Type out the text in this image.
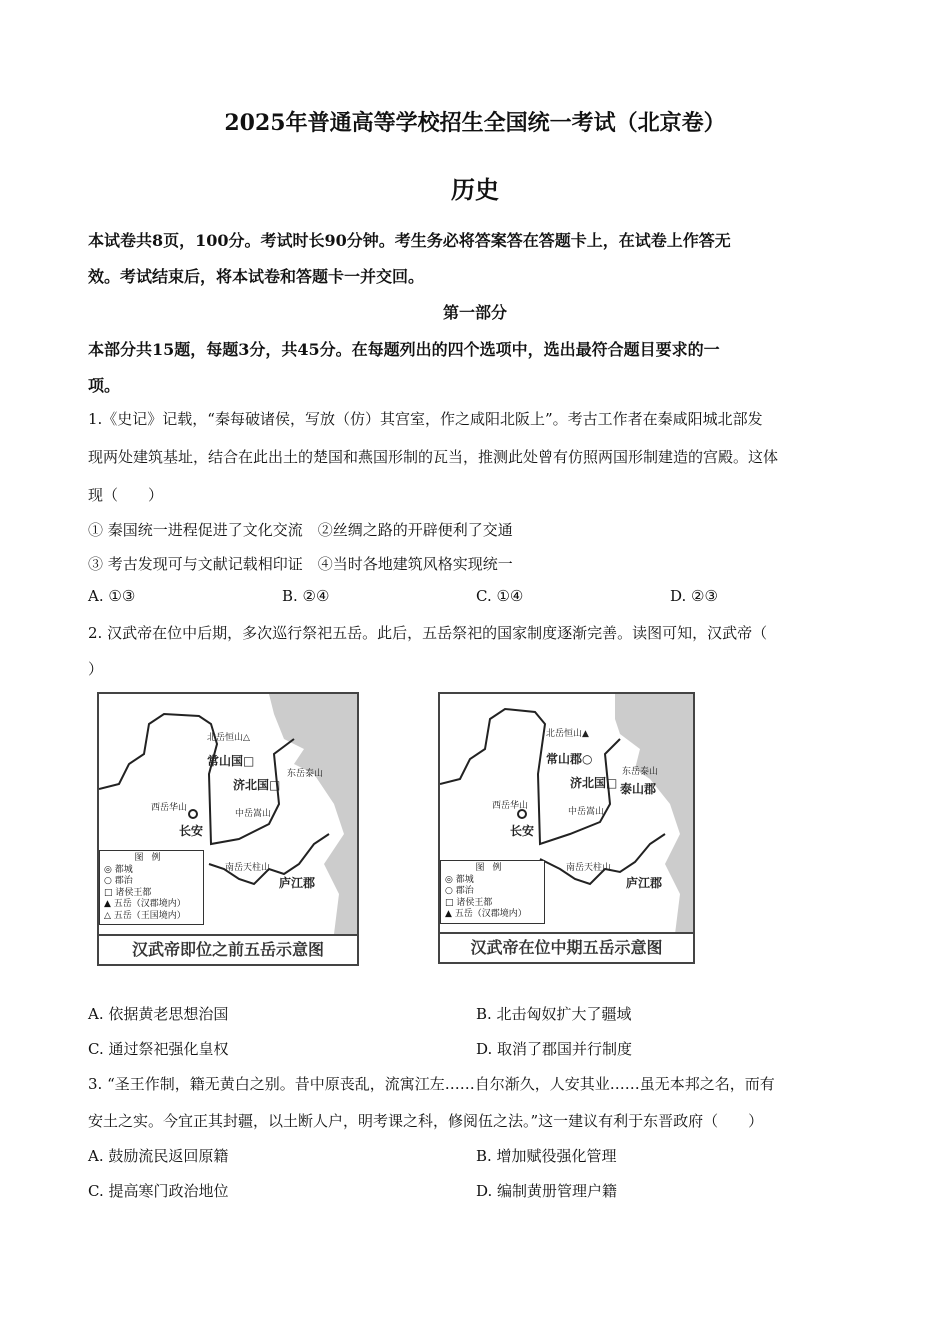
2025年普通高等学校招生全国统一考试（北京卷）
历史
本试卷共8页，100分。考试时长90分钟。考生务必将答案答在答题卡上，在试卷上作答无
效。考试结束后，将本试卷和答题卡一并交回。
第一部分
本部分共15题，每题3分，共45分。在每题列出的四个选项中，选出最符合题目要求的一
项。
1.《史记》记载，“秦每破诸侯，写放（仿）其宫室，作之咸阳北阪上”。考古工作者在秦咸阳城北部发
现两处建筑基址，结合在此出土的楚国和燕国形制的瓦当，推测此处曾有仿照两国形制建造的宫殿。这体
现（　　）
① 秦国统一进程促进了文化交流　②丝绸之路的开辟便利了交通
③ 考古发现可与文献记载相印证　④当时各地建筑风格实现统一
A. ①③	B. ②④	C. ①④	D. ②③
2. 汉武帝在位中后期，多次巡行祭祀五岳。此后，五岳祭祀的国家制度逐渐完善。读图可知，汉武帝（
）
北岳恒山△
常山国□
东岳泰山
济北国□
西岳华山
中岳嵩山
长安
南岳天柱山
庐江郡
图例
◎ 都城
○ 郡治
□ 诸侯王都
▲ 五岳（汉郡境内）
△ 五岳（王国境内）
汉武帝即位之前五岳示意图
北岳恒山▲
常山郡○
东岳泰山
济北国□ 泰山郡
西岳华山
中岳嵩山
长安
南岳天柱山
庐江郡
图例
◎ 都城
○ 郡治
□ 诸侯王都
▲ 五岳（汉郡境内）
汉武帝在位中期五岳示意图
A. 依据黄老思想治国	B. 北击匈奴扩大了疆域
C. 通过祭祀强化皇权	D. 取消了郡国并行制度
3. “圣王作制，籍无黄白之别。昔中原丧乱，流寓江左……自尔渐久，人安其业……虽无本邦之名，而有
安土之实。今宜正其封疆，以土断人户，明考课之科，修阅伍之法。”这一建议有利于东晋政府（　　）
A. 鼓励流民返回原籍	B. 增加赋役强化管理
C. 提高寒门政治地位	D. 编制黄册管理户籍
